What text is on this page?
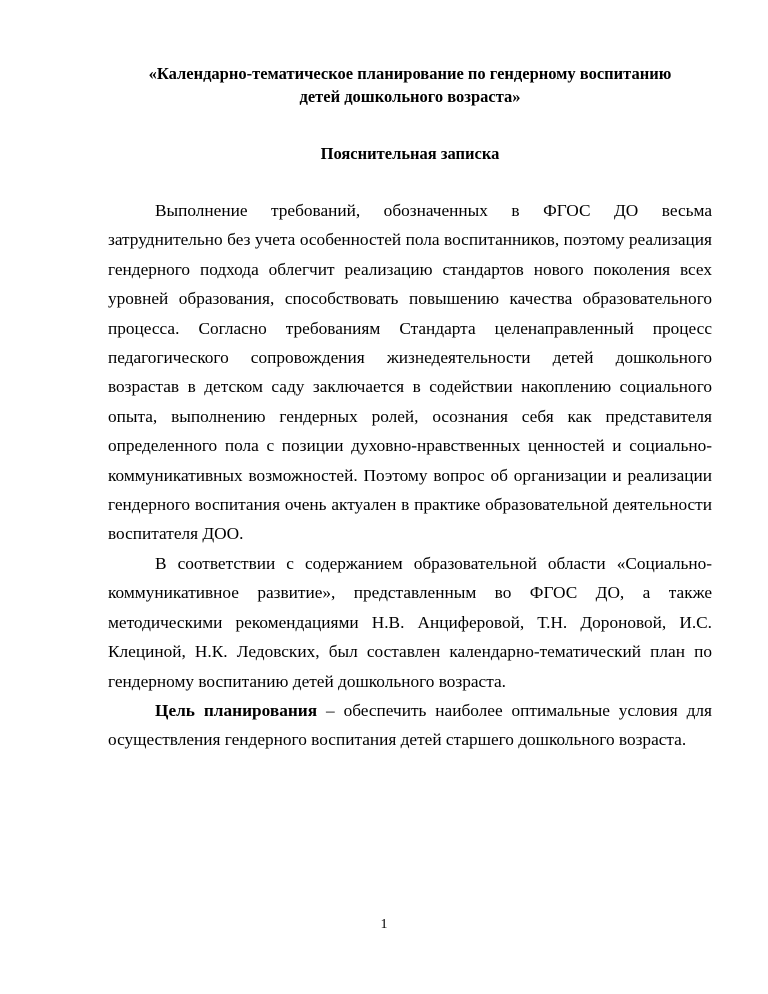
«Календарно-тематическое планирование по гендерному воспитанию
детей дошкольного возраста»

Пояснительная записка

Выполнение требований, обозначенных в ФГОС ДО весьма затруднительно без учета особенностей пола воспитанников, поэтому реализация гендерного подхода облегчит реализацию стандартов нового поколения всех уровней образования, способствовать повышению качества образовательного процесса. Согласно требованиям Стандарта целенаправленный процесс педагогического сопровождения жизнедеятельности детей дошкольного возрастав в детском саду заключается в содействии накоплению социального опыта, выполнению гендерных ролей, осознания себя как представителя определенного пола с позиции духовно-нравственных ценностей и социально-коммуникативных возможностей. Поэтому вопрос об организации и реализации гендерного воспитания очень актуален в практике образовательной деятельности воспитателя ДОО.

В соответствии с содержанием образовательной области «Социально-коммуникативное развитие», представленным во ФГОС ДО, а также методическими рекомендациями Н.В. Анциферовой, Т.Н. Дороновой, И.С. Клециной, Н.К. Ледовских, был составлен календарно-тематический план по гендерному воспитанию детей дошкольного возраста.

Цель планирования – обеспечить наиболее оптимальные условия для осуществления гендерного воспитания детей старшего дошкольного возраста.

1
